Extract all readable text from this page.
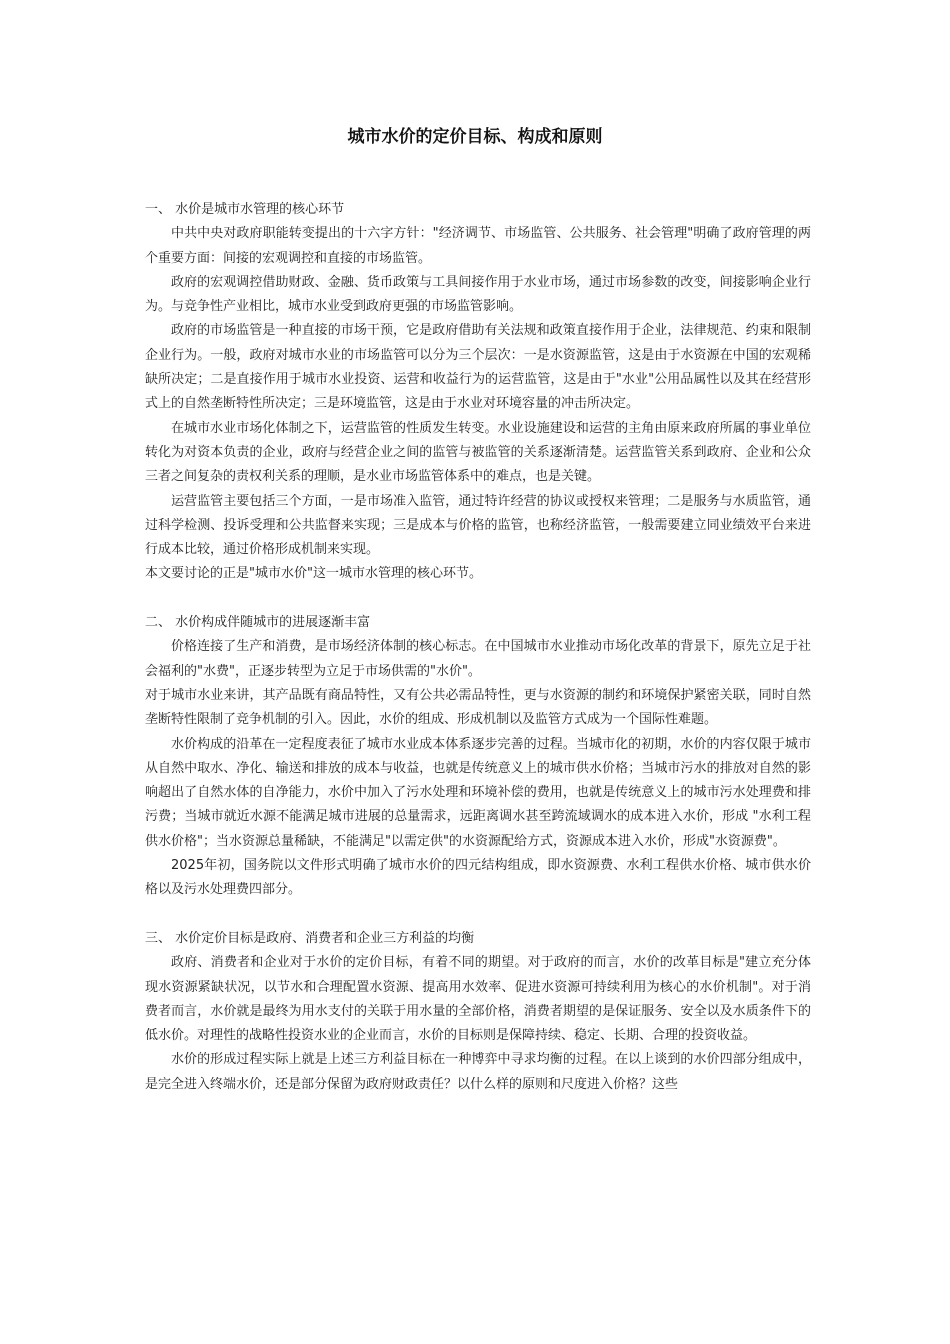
城市水价的定价目标、构成和原则

一、 水价是城市水管理的核心环节

中共中央对政府职能转变提出的十六字方针："经济调节、市场监管、公共服务、社会管理"明确了政府管理的两个重要方面：间接的宏观调控和直接的市场监管。

政府的宏观调控借助财政、金融、货币政策与工具间接作用于水业市场，通过市场参数的改变，间接影响企业行为。与竞争性产业相比，城市水业受到政府更强的市场监管影响。

政府的市场监管是一种直接的市场干预，它是政府借助有关法规和政策直接作用于企业，法律规范、约束和限制企业行为。一般，政府对城市水业的市场监管可以分为三个层次：一是水资源监管，这是由于水资源在中国的宏观稀缺所决定；二是直接作用于城市水业投资、运营和收益行为的运营监管，这是由于"水业"公用品属性以及其在经营形式上的自然垄断特性所决定；三是环境监管，这是由于水业对环境容量的冲击所决定。

在城市水业市场化体制之下，运营监管的性质发生转变。水业设施建设和运营的主角由原来政府所属的事业单位转化为对资本负责的企业，政府与经营企业之间的监管与被监管的关系逐渐清楚。运营监管关系到政府、企业和公众三者之间复杂的责权利关系的理顺，是水业市场监管体系中的难点，也是关键。

运营监管主要包括三个方面，一是市场准入监管，通过特许经营的协议或授权来管理；二是服务与水质监管，通过科学检测、投诉受理和公共监督来实现；三是成本与价格的监管，也称经济监管，一般需要建立同业绩效平台来进行成本比较，通过价格形成机制来实现。

本文要讨论的正是"城市水价"这一城市水管理的核心环节。

二、 水价构成伴随城市的进展逐渐丰富

价格连接了生产和消费，是市场经济体制的核心标志。在中国城市水业推动市场化改革的背景下，原先立足于社会福利的"水费"，正逐步转型为立足于市场供需的"水价"。

对于城市水业来讲，其产品既有商品特性，又有公共必需品特性，更与水资源的制约和环境保护紧密关联，同时自然垄断特性限制了竞争机制的引入。因此，水价的组成、形成机制以及监管方式成为一个国际性难题。

水价构成的沿革在一定程度表征了城市水业成本体系逐步完善的过程。当城市化的初期，水价的内容仅限于城市从自然中取水、净化、输送和排放的成本与收益，也就是传统意义上的城市供水价格；当城市污水的排放对自然的影响超出了自然水体的自净能力，水价中加入了污水处理和环境补偿的费用，也就是传统意义上的城市污水处理费和排污费；当城市就近水源不能满足城市进展的总量需求，远距离调水甚至跨流域调水的成本进入水价，形成 "水利工程供水价格"；当水资源总量稀缺，不能满足"以需定供"的水资源配给方式，资源成本进入水价，形成"水资源费"。

2025年初，国务院以文件形式明确了城市水价的四元结构组成，即水资源费、水利工程供水价格、城市供水价格以及污水处理费四部分。

三、 水价定价目标是政府、消费者和企业三方利益的均衡

政府、消费者和企业对于水价的定价目标，有着不同的期望。对于政府的而言，水价的改革目标是"建立充分体现水资源紧缺状况，以节水和合理配置水资源、提高用水效率、促进水资源可持续利用为核心的水价机制"。对于消费者而言，水价就是最终为用水支付的关联于用水量的全部价格，消费者期望的是保证服务、安全以及水质条件下的低水价。对理性的战略性投资水业的企业而言，水价的目标则是保障持续、稳定、长期、合理的投资收益。

水价的形成过程实际上就是上述三方利益目标在一种博弈中寻求均衡的过程。在以上谈到的水价四部分组成中，是完全进入终端水价，还是部分保留为政府财政责任？以什么样的原则和尺度进入价格？这些
